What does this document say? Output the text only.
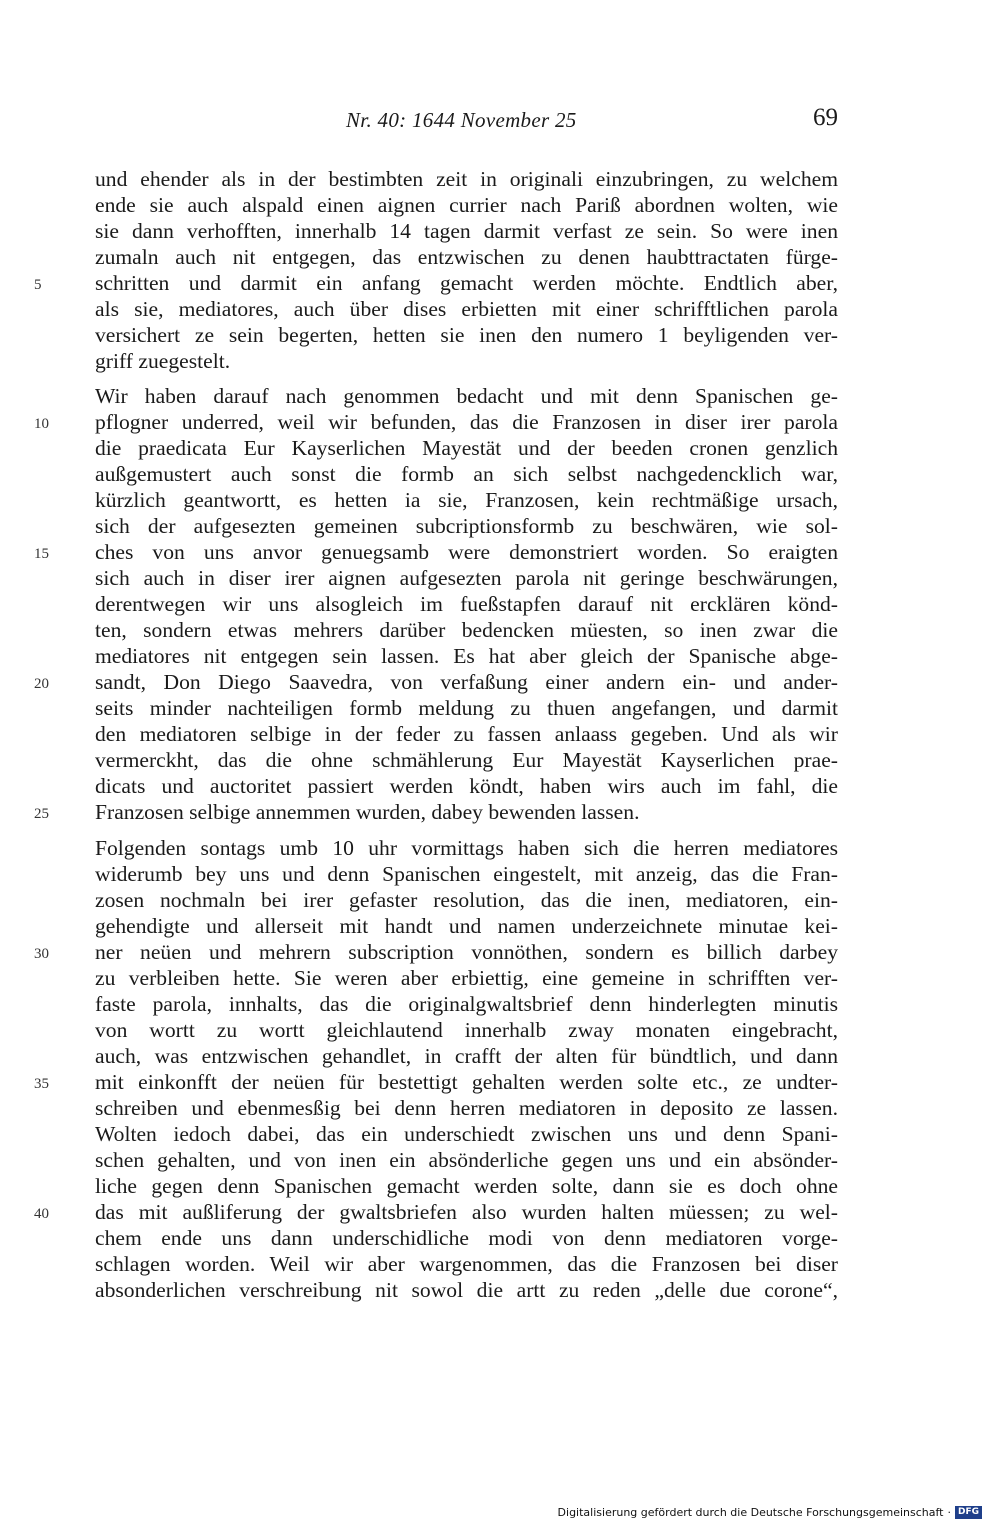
Nr. 40: 1644 November 25	69
und ehender als in der bestimbten zeit in originali einzubringen, zu welchem
ende sie auch alspald einen aignen currier nach Pariß abordnen wolten, wie
sie dann verhofften, innerhalb 14 tagen darmit verfast ze sein. So were inen
zumaln auch nit entgegen, das entzwischen zu denen haubttractaten fürge-
schritten und darmit ein anfang gemacht werden möchte. Endtlich aber,
als sie, mediatores, auch über dises erbietten mit einer schrifftlichen parola
versichert ze sein begerten, hetten sie inen den numero 1 beyligenden ver-
griff zuegestelt.
Wir haben darauf nach genommen bedacht und mit denn Spanischen ge-
pflogner underred, weil wir befunden, das die Franzosen in diser irer parola
die praedicata Eur Kayserlichen Mayestät und der beeden cronen genzlich
außgemustert auch sonst die formb an sich selbst nachgedencklich war,
kürzlich geantwortt, es hetten ia sie, Franzosen, kein rechtmäßige ursach,
sich der aufgesezten gemeinen subcriptionsformb zu beschwären, wie sol-
ches von uns anvor genuegsamb were demonstriert worden. So eraigten
sich auch in diser irer aignen aufgesezten parola nit geringe beschwärungen,
derentwegen wir uns alsogleich im fueßstapfen darauf nit ercklären könd-
ten, sondern etwas mehrers darüber bedencken müesten, so inen zwar die
mediatores nit entgegen sein lassen. Es hat aber gleich der Spanische abge-
sandt, Don Diego Saavedra, von verfaßung einer andern ein- und ander-
seits minder nachteiligen formb meldung zu thuen angefangen, und darmit
den mediatoren selbige in der feder zu fassen anlaass gegeben. Und als wir
vermerckht, das die ohne schmählerung Eur Mayestät Kayserlichen prae-
dicats und auctoritet passiert werden köndt, haben wirs auch im fahl, die
Franzosen selbige annemmen wurden, dabey bewenden lassen.
Folgenden sontags umb 10 uhr vormittags haben sich die herren mediatores
widerumb bey uns und denn Spanischen eingestelt, mit anzeig, das die Fran-
zosen nochmaln bei irer gefaster resolution, das die inen, mediatoren, ein-
gehendigte und allerseit mit handt und namen underzeichnete minutae kei-
ner neüen und mehrern subscription vonnöthen, sondern es billich darbey
zu verbleiben hette. Sie weren aber erbiettig, eine gemeine in schrifften ver-
faste parola, innhalts, das die originalgwaltsbrief denn hinderlegten minutis
von wortt zu wortt gleichlautend innerhalb zway monaten eingebracht,
auch, was entzwischen gehandlet, in crafft der alten für bündtlich, und dann
mit einkonfft der neüen für bestettigt gehalten werden solte etc., ze undter-
schreiben und ebenmesßig bei denn herren mediatoren in deposito ze lassen.
Wolten iedoch dabei, das ein underschiedt zwischen uns und denn Spani-
schen gehalten, und von inen ein absönderliche gegen uns und ein absönder-
liche gegen denn Spanischen gemacht werden solte, dann sie es doch ohne
das mit außliferung der gwaltsbriefen also wurden halten müessen; zu wel-
chem ende uns dann underschidliche modi von denn mediatoren vorge-
schlagen worden. Weil wir aber wargenommen, das die Franzosen bei diser
absonderlichen verschreibung nit sowol die artt zu reden „delle due corone“,
5
10
15
20
25
30
35
40
Digitalisierung gefördert durch die Deutsche Forschungsgemeinschaft · DFG
